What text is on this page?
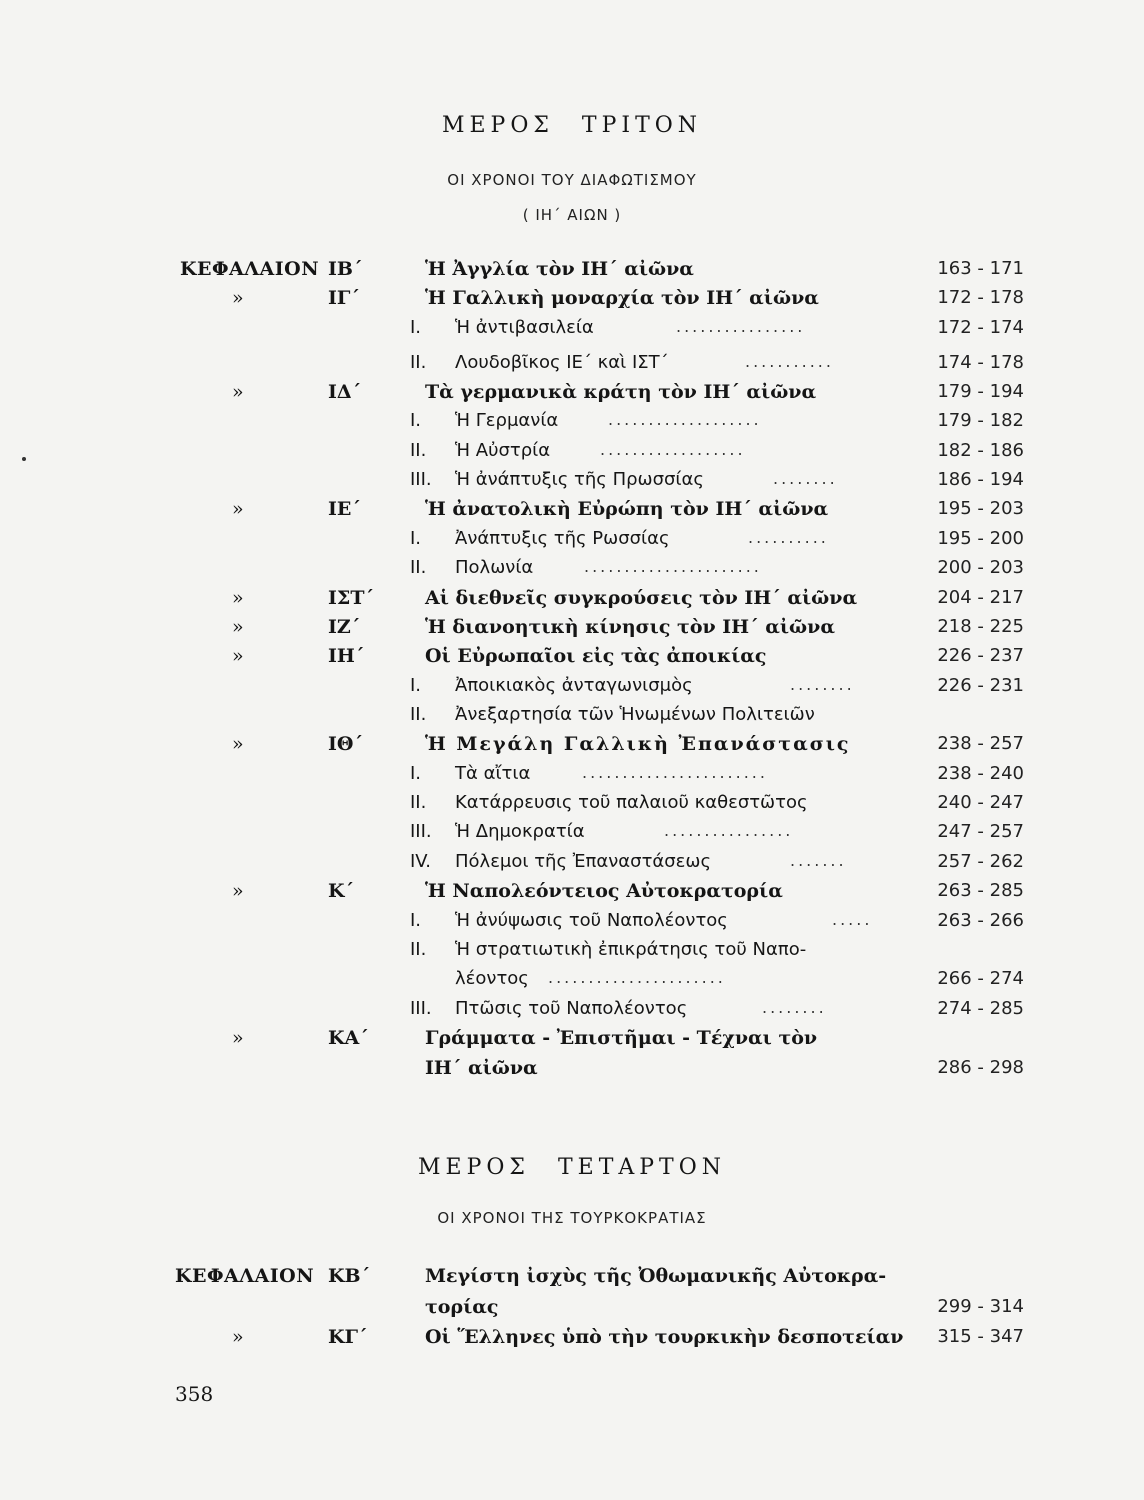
ΜΕΡΟΣ ΤΡΙΤΟΝ
ΟΙ ΧΡΟΝΟΙ ΤΟΥ ΔΙΑΦΩΤΙΣΜΟΥ
( ΙΗ΄ ΑΙΩΝ )
ΚΕΦΑΛΑΙΟΝ ΙΒ΄	Ἡ Ἀγγλία τὸν ΙΗ΄ αἰῶνα	163 - 171
»	ΙΓ΄	Ἡ Γαλλικὴ μοναρχία τὸν ΙΗ΄ αἰῶνα	172 - 178
I. Ἡ ἀντιβασιλεία	................	172 - 174
II. Λουδοβῖκος ΙΕ΄ καὶ ΙΣΤ΄	...........	174 - 178
»	ΙΔ΄	Τὰ γερμανικὰ κράτη τὸν ΙΗ΄ αἰῶνα	179 - 194
I. Ἡ Γερμανία	...................	179 - 182
II. Ἡ Αὐστρία	..................	182 - 186
III. Ἡ ἀνάπτυξις τῆς Πρωσσίας	........	186 - 194
»	ΙΕ΄	Ἡ ἀνατολικὴ Εὐρώπη τὸν ΙΗ΄ αἰῶνα	195 - 203
I. Ἀνάπτυξις τῆς Ρωσσίας	..........	195 - 200
II. Πολωνία	......................	200 - 203
»	ΙΣΤ΄	Αἱ διεθνεῖς συγκρούσεις τὸν ΙΗ΄ αἰῶνα	204 - 217
»	ΙΖ΄	Ἡ διανοητικὴ κίνησις τὸν ΙΗ΄ αἰῶνα	218 - 225
»	ΙΗ΄	Οἱ Εὐρωπαῖοι εἰς τὰς ἀποικίας	226 - 237
I. Ἀποικιακὸς ἀνταγωνισμὸς	........	226 - 231
II. Ἀνεξαρτησία τῶν Ἡνωμένων Πολιτειῶν
»	ΙΘ΄	Ἡ Μεγάλη Γαλλικὴ Ἐπανάστασις	238 - 257
I. Τὰ αἴτια	.......................	238 - 240
II. Κατάρρευσις τοῦ παλαιοῦ καθεστῶτος	240 - 247
III. Ἡ Δημοκρατία	................	247 - 257
IV. Πόλεμοι τῆς Ἐπαναστάσεως	.......	257 - 262
»	Κ΄	Ἡ Ναπολεόντειος Αὐτοκρατορία	263 - 285
I. Ἡ ἀνύψωσις τοῦ Ναπολέοντος	.....	263 - 266
II. Ἡ στρατιωτικὴ ἐπικράτησις τοῦ Ναπο-
λέοντος ......................	266 - 274
III. Πτῶσις τοῦ Ναπολέοντος	........	274 - 285
»	ΚΑ΄	Γράμματα - Ἐπιστῆμαι - Τέχναι τὸν
ΙΗ΄ αἰῶνα	286 - 298
ΜΕΡΟΣ ΤΕΤΑΡΤΟΝ
ΟΙ ΧΡΟΝΟΙ ΤΗΣ ΤΟΥΡΚΟΚΡΑΤΙΑΣ
ΚΕΦΑΛΑΙΟΝ ΚΒ΄	Μεγίστη ἰσχὺς τῆς Ὀθωμανικῆς Αὐτοκρα-
τορίας	299 - 314
»	ΚΓ΄	Οἱ Ἕλληνες ὑπὸ τὴν τουρκικὴν δεσποτείαν 315 - 347
358
